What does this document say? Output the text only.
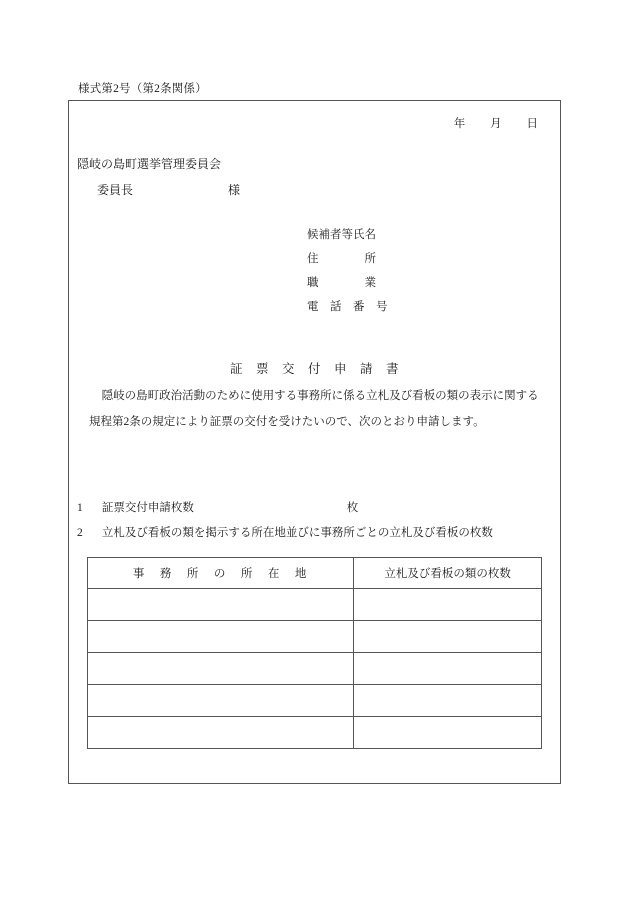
様式第2号（第2条関係）
年 月 日
隠岐の島町選挙管理委員会
委員長	様
候補者等氏名
住　　　　所
職　　　　業
電　話　番　号
証　票　交　付　申　請　書

隠岐の島町政治活動のために使用する事務所に係る立札及び看板の類の表示に関する

規程第2条の規定により証票の交付を受けたいので、次のとおり申請します。

1 証票交付申請枚数	枚
2 立札及び看板の類を掲示する所在地並びに事務所ごとの立札及び看板の枚数
事　務　所　の　所　在　地	立札及び看板の類の枚数
